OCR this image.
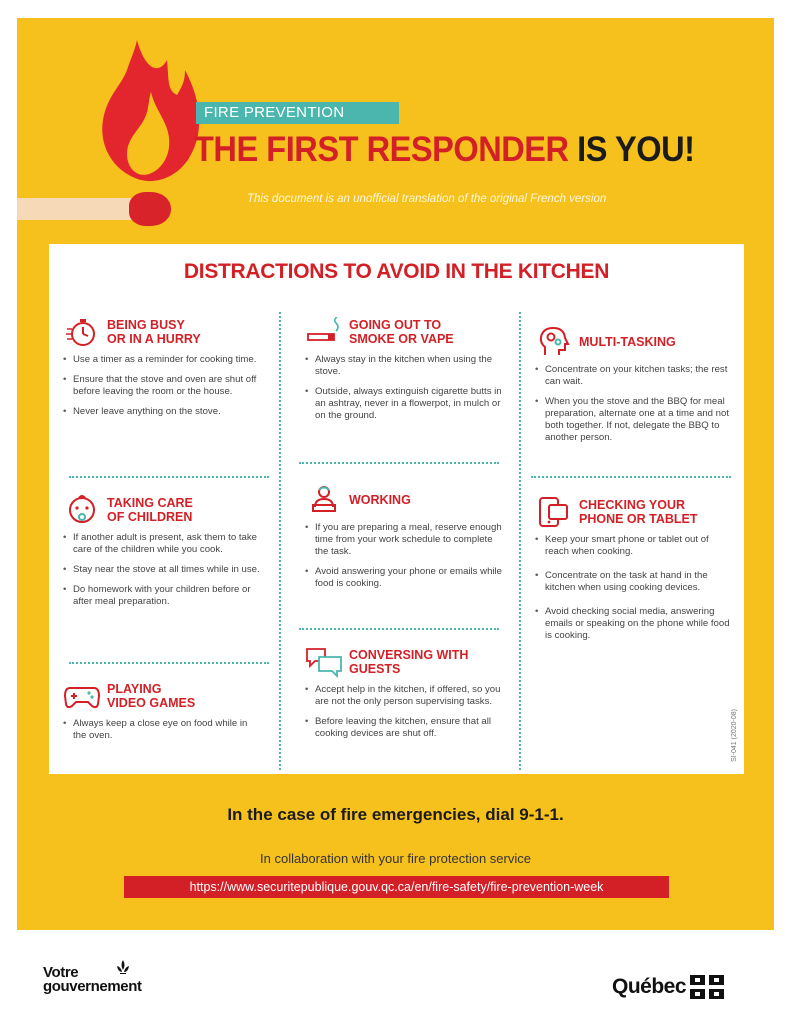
FIRE PREVENTION
THE FIRST RESPONDER IS YOU!
This document is an unofficial translation of the original French version
DISTRACTIONS TO AVOID IN THE KITCHEN
BEING BUSY
OR IN A HURRY
• Use a timer as a reminder for cooking time.
• Ensure that the stove and oven are shut off before leaving the room or the house.
• Never leave anything on the stove.
TAKING CARE
OF CHILDREN
• If another adult is present, ask them to take care of the children while you cook.
• Stay near the stove at all times while in use.
• Do homework with your children before or after meal preparation.
PLAYING
VIDEO GAMES
• Always keep a close eye on food while in the oven.
GOING OUT TO
SMOKE OR VAPE
• Always stay in the kitchen when using the stove.
• Outside, always extinguish cigarette butts in an ashtray, never in a flowerpot, in mulch or on the ground.
WORKING
• If you are preparing a meal, reserve enough time from your work schedule to complete the task.
• Avoid answering your phone or emails while food is cooking.
CONVERSING WITH
GUESTS
• Accept help in the kitchen, if offered, so you are not the only person supervising tasks.
• Before leaving the kitchen, ensure that all cooking devices are shut off.
MULTI-TASKING
• Concentrate on your kitchen tasks; the rest can wait.
• When you the stove and the BBQ for meal preparation, alternate one at a time and not both together. If not, delegate the BBQ to another person.
CHECKING YOUR
PHONE OR TABLET
• Keep your smart phone or tablet out of reach when cooking.
• Concentrate on the task at hand in the kitchen when using cooking devices.
• Avoid checking social media, answering emails or speaking on the phone while food is cooking.
SI-041 (2020-08)
In the case of fire emergencies, dial 9-1-1.
In collaboration with your fire protection service
https://www.securitepublique.gouv.qc.ca/en/fire-safety/fire-prevention-week
Votre
gouvernement	Québec
